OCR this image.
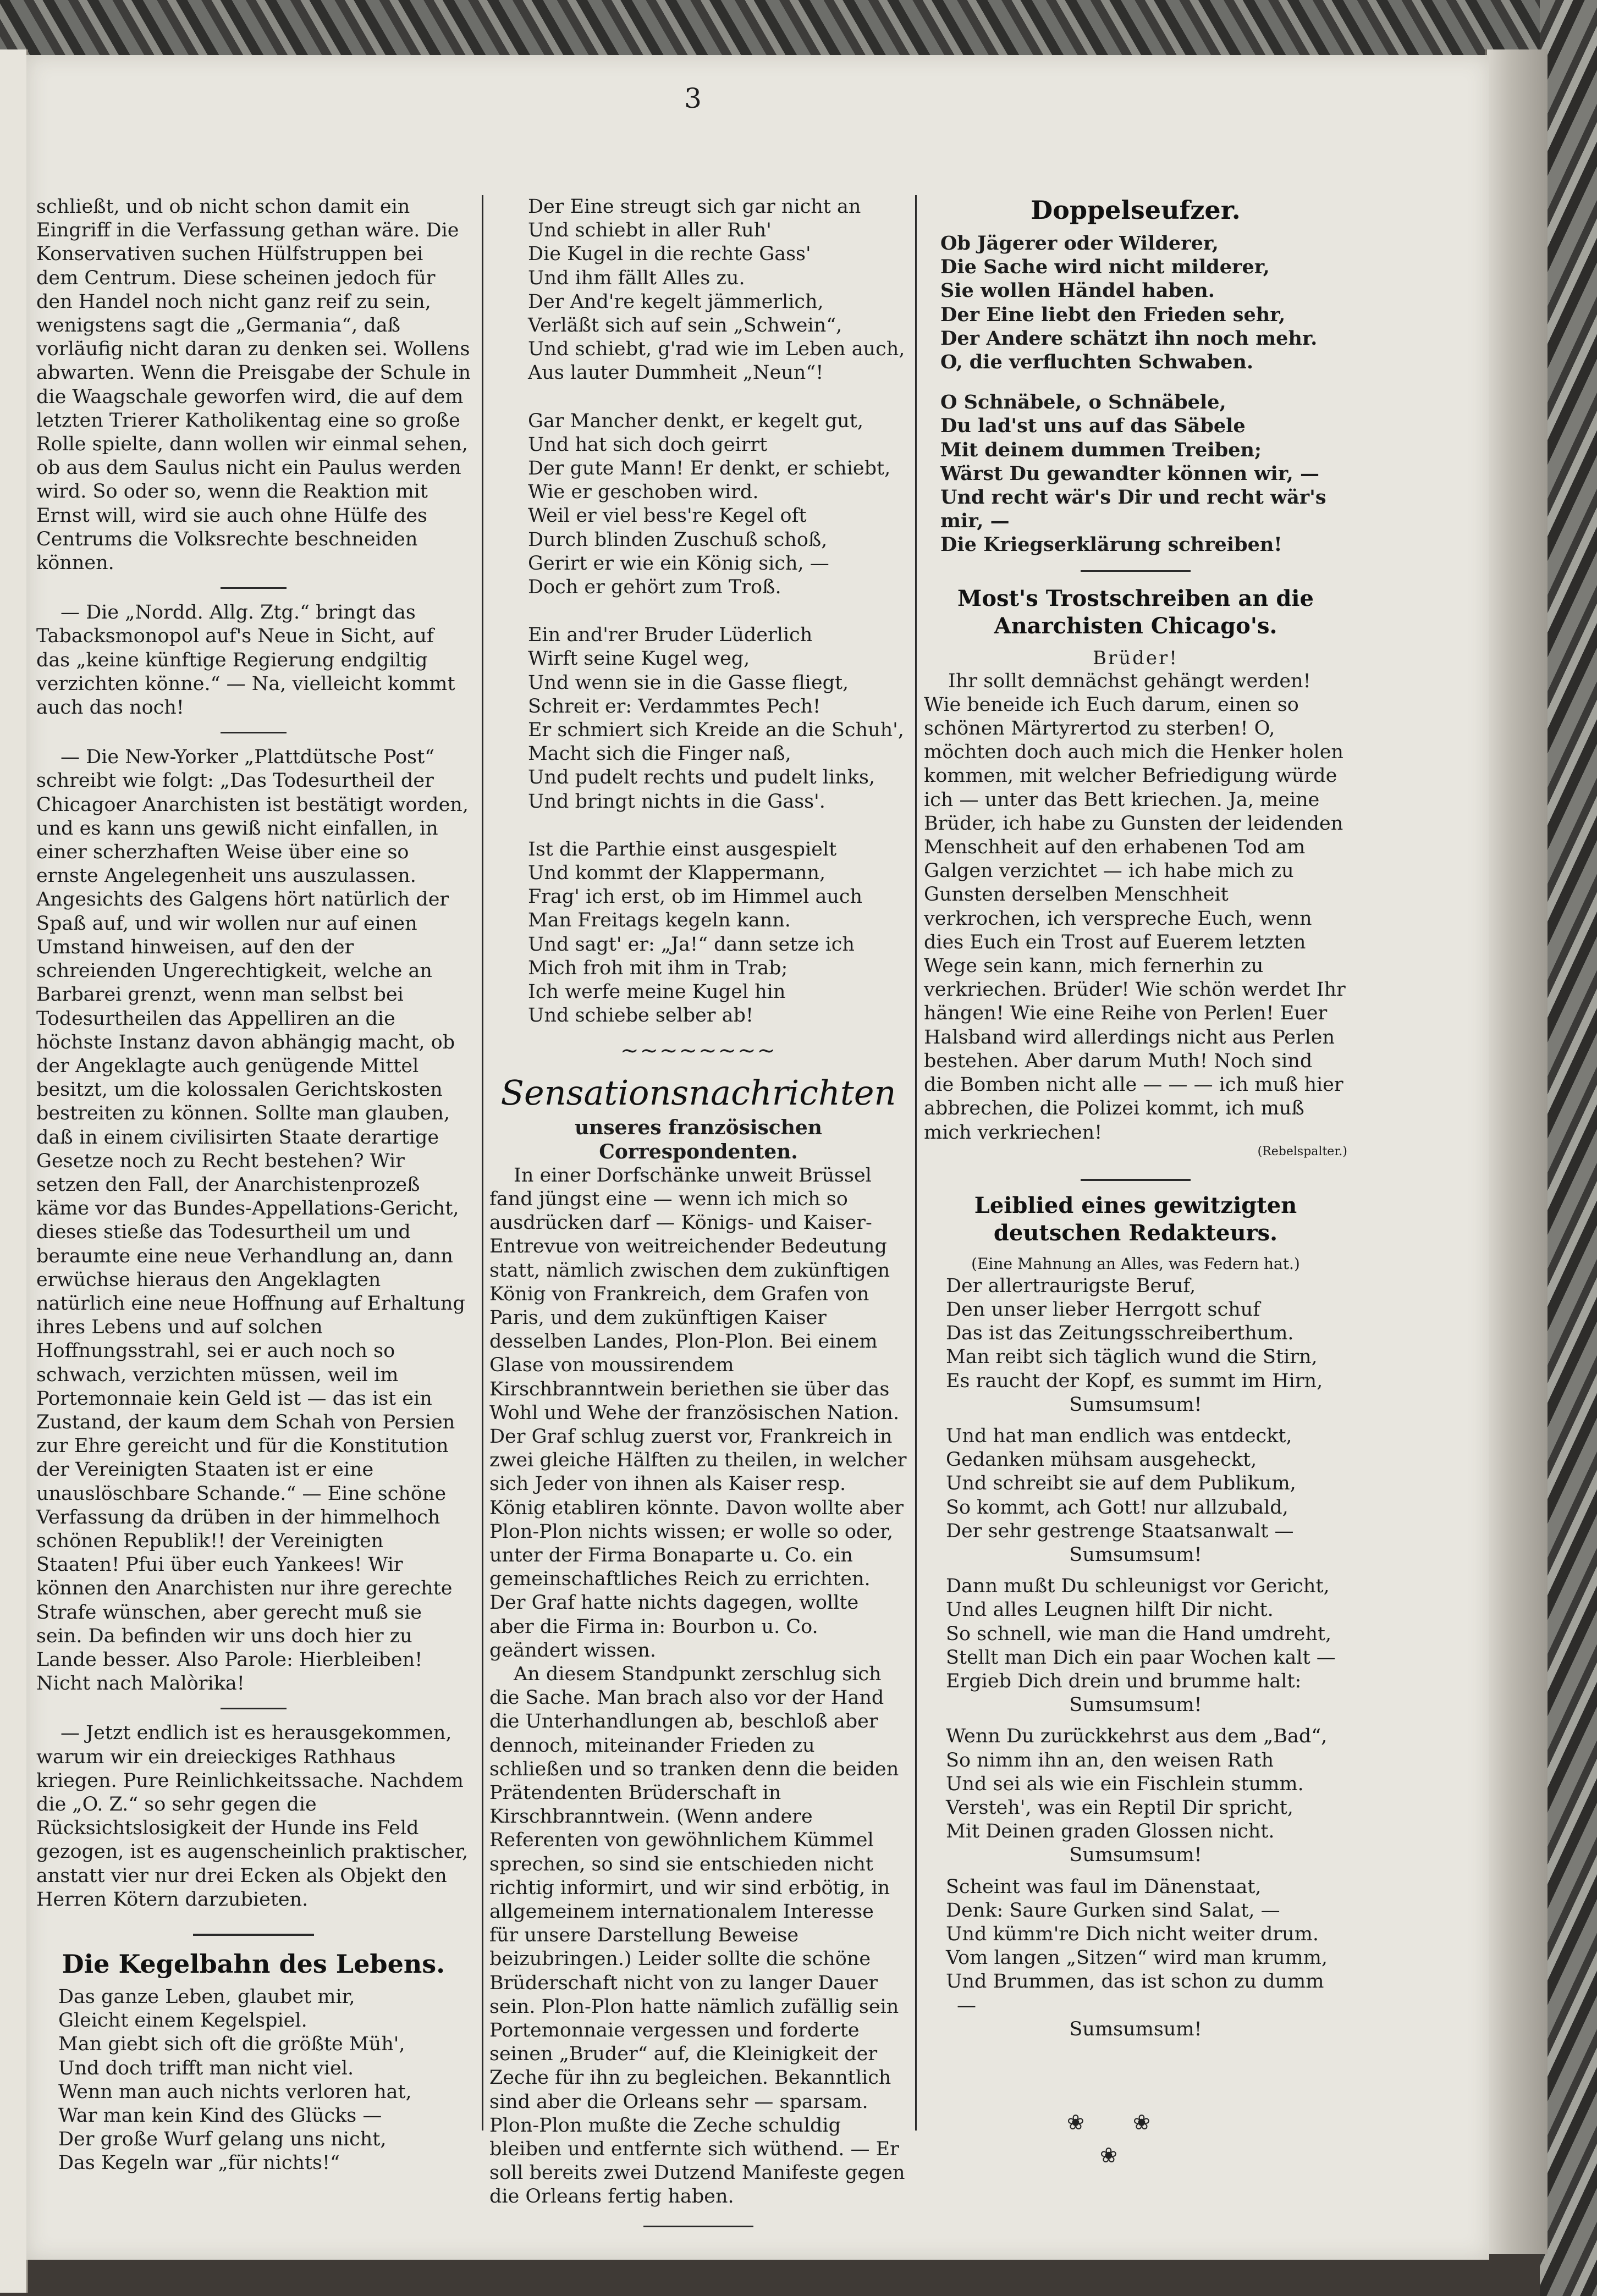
3

schließt, und ob nicht schon damit ein Eingriff in die Verfassung gethan wäre. Die Konservativen suchen Hülfstruppen bei dem Centrum. Diese scheinen jedoch für den Handel noch nicht ganz reif zu sein, wenigstens sagt die „Germania“, daß vorläufig nicht daran zu denken sei. Wollens abwarten. Wenn die Preisgabe der Schule in die Waagschale geworfen wird, die auf dem letzten Trierer Katholikentag eine so große Rolle spielte, dann wollen wir einmal sehen, ob aus dem Saulus nicht ein Paulus werden wird. So oder so, wenn die Reaktion mit Ernst will, wird sie auch ohne Hülfe des Centrums die Volksrechte beschneiden können.

— Die „Nordd. Allg. Ztg.“ bringt das Tabacksmonopol auf's Neue in Sicht, auf das „keine künftige Regierung endgiltig verzichten könne.“ — Na, vielleicht kommt auch das noch!

— Die New-Yorker „Plattdütsche Post“ schreibt wie folgt: „Das Todesurtheil der Chicagoer Anarchisten ist bestätigt worden, und es kann uns gewiß nicht einfallen, in einer scherzhaften Weise über eine so ernste Angelegenheit uns auszulassen. Angesichts des Galgens hört natürlich der Spaß auf, und wir wollen nur auf einen Umstand hinweisen, auf den der schreienden Ungerechtigkeit, welche an Barbarei grenzt, wenn man selbst bei Todesurtheilen das Appelliren an die höchste Instanz davon abhängig macht, ob der Angeklagte auch genügende Mittel besitzt, um die kolossalen Gerichtskosten bestreiten zu können. Sollte man glauben, daß in einem civilisirten Staate derartige Gesetze noch zu Recht bestehen? Wir setzen den Fall, der Anarchistenprozeß käme vor das Bundes-Appellations-Gericht, dieses stieße das Todesurtheil um und beraumte eine neue Verhandlung an, dann erwüchse hieraus den Angeklagten natürlich eine neue Hoffnung auf Erhaltung ihres Lebens und auf solchen Hoffnungsstrahl, sei er auch noch so schwach, verzichten müssen, weil im Portemonnaie kein Geld ist — das ist ein Zustand, der kaum dem Schah von Persien zur Ehre gereicht und für die Konstitution der Vereinigten Staaten ist er eine unauslöschbare Schande.“ — Eine schöne Verfassung da drüben in der himmelhoch schönen Republik!! der Vereinigten Staaten! Pfui über euch Yankees! Wir können den Anarchisten nur ihre gerechte Strafe wünschen, aber gerecht muß sie sein. Da befinden wir uns doch hier zu Lande besser. Also Parole: Hierbleiben! Nicht nach Malòrika!

— Jetzt endlich ist es herausgekommen, warum wir ein dreieckiges Rathhaus kriegen. Pure Reinlichkeitssache. Nachdem die „O. Z.“ so sehr gegen die Rücksichtslosigkeit der Hunde ins Feld gezogen, ist es augenscheinlich praktischer, anstatt vier nur drei Ecken als Objekt den Herren Kötern darzubieten.

Die Kegelbahn des Lebens.

Das ganze Leben, glaubet mir,

Gleicht einem Kegelspiel.

Man giebt sich oft die größte Müh',

Und doch trifft man nicht viel.

Wenn man auch nichts verloren hat,

War man kein Kind des Glücks —

Der große Wurf gelang uns nicht,

Das Kegeln war „für nichts!“

Der Eine streugt sich gar nicht an

Und schiebt in aller Ruh'

Die Kugel in die rechte Gass'

Und ihm fällt Alles zu.

Der And're kegelt jämmerlich,

Verläßt sich auf sein „Schwein“,

Und schiebt, g'rad wie im Leben auch,

Aus lauter Dummheit „Neun“!

Gar Mancher denkt, er kegelt gut,

Und hat sich doch geirrt

Der gute Mann! Er denkt, er schiebt,

Wie er geschoben wird.

Weil er viel bess're Kegel oft

Durch blinden Zuschuß schoß,

Gerirt er wie ein König sich, —

Doch er gehört zum Troß.

Ein and'rer Bruder Lüderlich

Wirft seine Kugel weg,

Und wenn sie in die Gasse fliegt,

Schreit er: Verdammtes Pech!

Er schmiert sich Kreide an die Schuh',

Macht sich die Finger naß,

Und pudelt rechts und pudelt links,

Und bringt nichts in die Gass'.

Ist die Parthie einst ausgespielt

Und kommt der Klappermann,

Frag' ich erst, ob im Himmel auch

Man Freitags kegeln kann.

Und sagt' er: „Ja!“ dann setze ich

Mich froh mit ihm in Trab;

Ich werfe meine Kugel hin

Und schiebe selber ab!

∼∼∼∼∼∼∼∼
Sensationsnachrichten
unseres französischen Correspondenten.

In einer Dorfschänke unweit Brüssel fand jüngst eine — wenn ich mich so ausdrücken darf — Königs- und Kaiser-Entrevue von weitreichender Bedeutung statt, nämlich zwischen dem zukünftigen König von Frankreich, dem Grafen von Paris, und dem zukünftigen Kaiser desselben Landes, Plon-Plon. Bei einem Glase von moussirendem Kirschbranntwein beriethen sie über das Wohl und Wehe der französischen Nation. Der Graf schlug zuerst vor, Frankreich in zwei gleiche Hälften zu theilen, in welcher sich Jeder von ihnen als Kaiser resp. König etabliren könnte. Davon wollte aber Plon-Plon nichts wissen; er wolle so oder, unter der Firma Bonaparte u. Co. ein gemeinschaftliches Reich zu errichten. Der Graf hatte nichts dagegen, wollte aber die Firma in: Bourbon u. Co. geändert wissen.

An diesem Standpunkt zerschlug sich die Sache. Man brach also vor der Hand die Unterhandlungen ab, beschloß aber dennoch, miteinander Frieden zu schließen und so tranken denn die beiden Prätendenten Brüderschaft in Kirschbranntwein. (Wenn andere Referenten von gewöhnlichem Kümmel sprechen, so sind sie entschieden nicht richtig informirt, und wir sind erbötig, in allgemeinem internationalem Interesse für unsere Darstellung Beweise beizubringen.) Leider sollte die schöne Brüderschaft nicht von zu langer Dauer sein. Plon-Plon hatte nämlich zufällig sein Portemonnaie vergessen und forderte seinen „Bruder“ auf, die Kleinigkeit der Zeche für ihn zu begleichen. Bekanntlich sind aber die Orleans sehr — sparsam. Plon-Plon mußte die Zeche schuldig bleiben und entfernte sich wüthend. — Er soll bereits zwei Dutzend Manifeste gegen die Orleans fertig haben.

Doppelseufzer.

Ob Jägerer oder Wilderer,

Die Sache wird nicht milderer,

Sie wollen Händel haben.

Der Eine liebt den Frieden sehr,

Der Andere schätzt ihn noch mehr.

O, die verfluchten Schwaben.

O Schnäbele, o Schnäbele,

Du lad'st uns auf das Säbele

Mit deinem dummen Treiben;

Wärst Du gewandter können wir, —

Und recht wär's Dir und recht wär's mir, —

Die Kriegserklärung schreiben!

Most's Trostschreiben an die Anarchisten Chicago's.
Brüder!

Ihr sollt demnächst gehängt werden! Wie beneide ich Euch darum, einen so schönen Märtyrertod zu sterben! O, möchten doch auch mich die Henker holen kommen, mit welcher Befriedigung würde ich — unter das Bett kriechen. Ja, meine Brüder, ich habe zu Gunsten der leidenden Menschheit auf den erhabenen Tod am Galgen verzichtet — ich habe mich zu Gunsten derselben Menschheit verkrochen, ich verspreche Euch, wenn dies Euch ein Trost auf Euerem letzten Wege sein kann, mich fernerhin zu verkriechen. Brüder! Wie schön werdet Ihr hängen! Wie eine Reihe von Perlen! Euer Halsband wird allerdings nicht aus Perlen bestehen. Aber darum Muth! Noch sind die Bomben nicht alle — — — ich muß hier abbrechen, die Polizei kommt, ich muß mich verkriechen!

(Rebelspalter.)
Leiblied eines gewitzigten deutschen Redakteurs.
(Eine Mahnung an Alles, was Federn hat.)

Der allertraurigste Beruf,

Den unser lieber Herrgott schuf

Das ist das Zeitungsschreiberthum.

Man reibt sich täglich wund die Stirn,

Es raucht der Kopf, es summt im Hirn,

Sumsumsum!

Und hat man endlich was entdeckt,

Gedanken mühsam ausgeheckt,

Und schreibt sie auf dem Publikum,

So kommt, ach Gott! nur allzubald,

Der sehr gestrenge Staatsanwalt —

Sumsumsum!

Dann mußt Du schleunigst vor Gericht,

Und alles Leugnen hilft Dir nicht.

So schnell, wie man die Hand umdreht,

Stellt man Dich ein paar Wochen kalt —

Ergieb Dich drein und brumme halt:

Sumsumsum!

Wenn Du zurückkehrst aus dem „Bad“,

So nimm ihn an, den weisen Rath

Und sei als wie ein Fischlein stumm.

Versteh', was ein Reptil Dir spricht,

Mit Deinen graden Glossen nicht.

Sumsumsum!

Scheint was faul im Dänenstaat,

Denk: Saure Gurken sind Salat, —

Und kümm're Dich nicht weiter drum.

Vom langen „Sitzen“ wird man krumm,

Und Brummen, das ist schon zu dumm —

Sumsumsum!
❀ ❀
❀
